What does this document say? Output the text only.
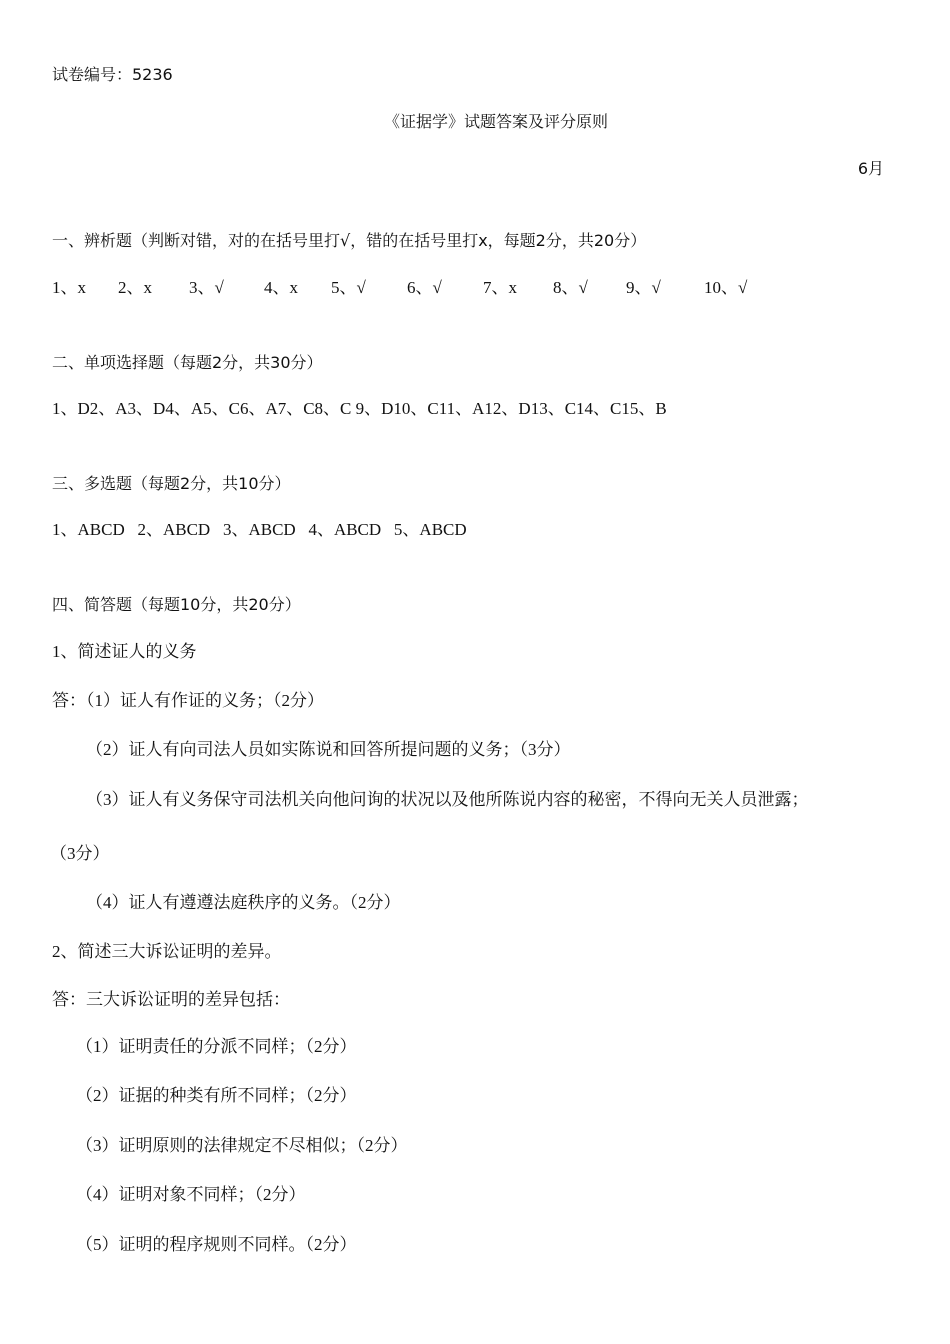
试卷编号：5236
《证据学》试题答案及评分原则
6月
一、辨析题（判断对错，对的在括号里打√，错的在括号里打x，每题2分，共20分）
1、x	2、x	3、√	4、x	5、√	6、√	7、x	8、√	9、√	10、√
二、单项选择题（每题2分，共30分）
1、D2、A3、D4、A5、C6、A7、C8、C 9、D10、C11、A12、D13、C14、C15、B
三、多选题（每题2分，共10分）
1、ABCD   2、ABCD   3、ABCD   4、ABCD   5、ABCD
四、简答题（每题10分，共20分）
1、简述证人的义务
答：（1）证人有作证的义务；（2分）
（2）证人有向司法人员如实陈说和回答所提问题的义务；（3分）
（3）证人有义务保守司法机关向他问询的状况以及他所陈说内容的秘密，不得向无关人员泄露；
（3分）
（4）证人有遵遵法庭秩序的义务。（2分）
2、简述三大诉讼证明的差异。
答：三大诉讼证明的差异包括：
（1）证明责任的分派不同样；（2分）
（2）证据的种类有所不同样；（2分）
（3）证明原则的法律规定不尽相似；（2分）
（4）证明对象不同样；（2分）
（5）证明的程序规则不同样。（2分）
